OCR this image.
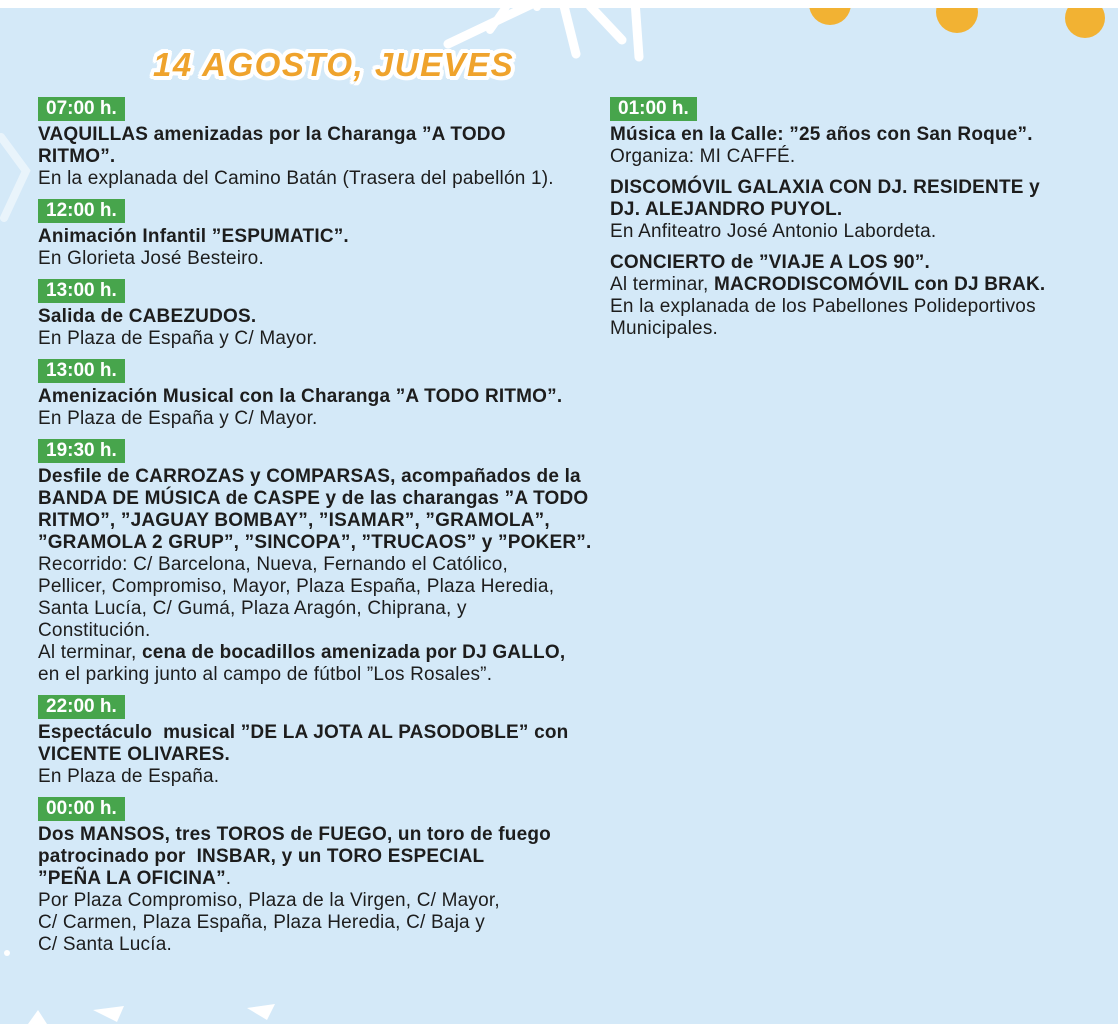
14 AGOSTO, JUEVES
07:00 h.
VAQUILLAS amenizadas por la Charanga ”A TODO
RITMO”.
En la explanada del Camino Batán (Trasera del pabellón 1).
12:00 h.
Animación Infantil ”ESPUMATIC”.
En Glorieta José Besteiro.
13:00 h.
Salida de CABEZUDOS.
En Plaza de España y C/ Mayor.
13:00 h.
Amenización Musical con la Charanga ”A TODO RITMO”.
En Plaza de España y C/ Mayor.
19:30 h.
Desfile de CARROZAS y COMPARSAS, acompañados de la
BANDA DE MÚSICA de CASPE y de las charangas ”A TODO
RITMO”, ”JAGUAY BOMBAY”, ”ISAMAR”, ”GRAMOLA”,
”GRAMOLA 2 GRUP”, ”SINCOPA”, ”TRUCAOS” y ”POKER”.
Recorrido: C/ Barcelona, Nueva, Fernando el Católico,
Pellicer, Compromiso, Mayor, Plaza España, Plaza Heredia,
Santa Lucía, C/ Gumá, Plaza Aragón, Chiprana, y
Constitución.
Al terminar, cena de bocadillos amenizada por DJ GALLO,
en el parking junto al campo de fútbol ”Los Rosales”.
22:00 h.
Espectáculo  musical ”DE LA JOTA AL PASODOBLE” con
VICENTE OLIVARES.
En Plaza de España.
00:00 h.
Dos MANSOS, tres TOROS de FUEGO, un toro de fuego
patrocinado por  INSBAR, y un TORO ESPECIAL
”PEÑA LA OFICINA”.
Por Plaza Compromiso, Plaza de la Virgen, C/ Mayor,
C/ Carmen, Plaza España, Plaza Heredia, C/ Baja y
C/ Santa Lucía.
01:00 h.
Música en la Calle: ”25 años con San Roque”.
Organiza: MI CAFFÉ.
DISCOMÓVIL GALAXIA CON DJ. RESIDENTE y
DJ. ALEJANDRO PUYOL.
En Anfiteatro José Antonio Labordeta.
CONCIERTO de ”VIAJE A LOS 90”.
Al terminar, MACRODISCOMÓVIL con DJ BRAK.
En la explanada de los Pabellones Polideportivos
Municipales.
